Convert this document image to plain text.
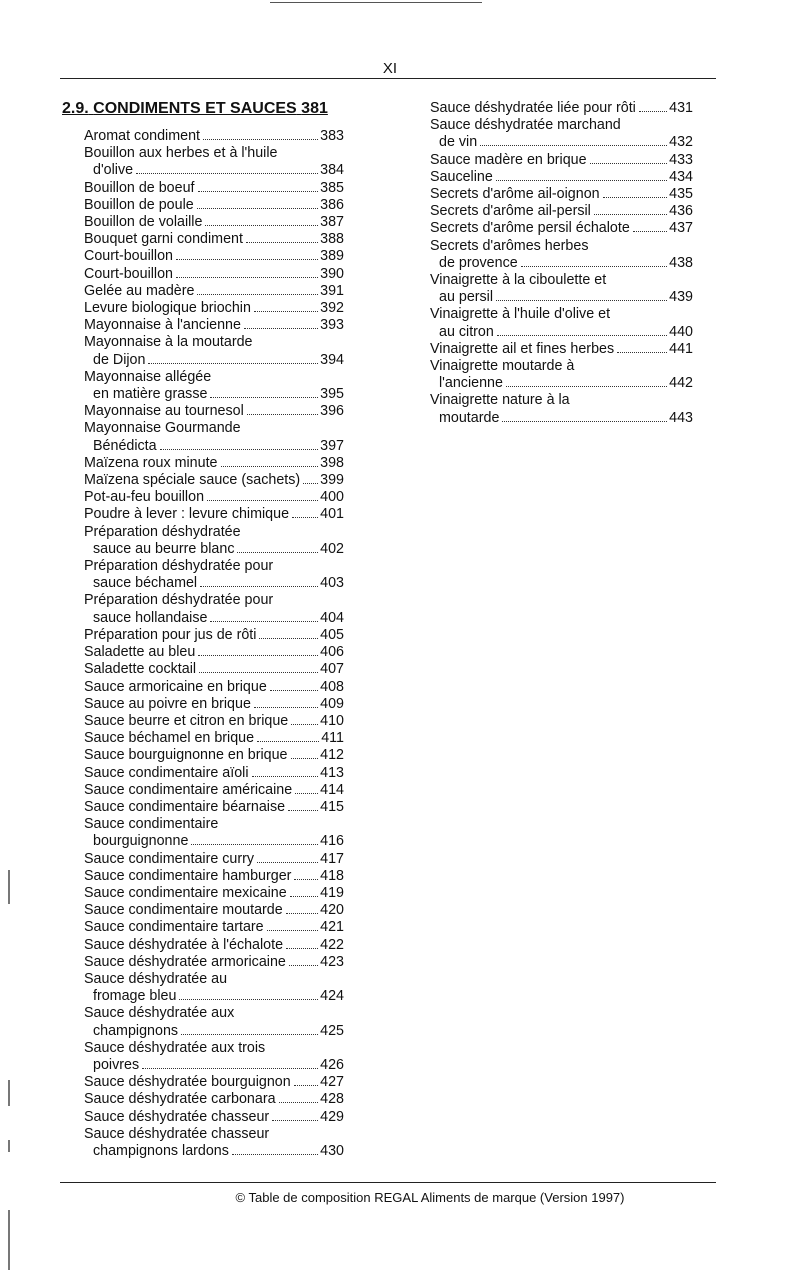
XI
2.9. CONDIMENTS ET SAUCES 381
Aromat condiment	383
Bouillon aux herbes et à l'huile
d'olive	384
Bouillon de boeuf	385
Bouillon de poule	386
Bouillon de volaille	387
Bouquet garni condiment	388
Court-bouillon	389
Court-bouillon	390
Gelée au madère	391
Levure biologique briochin	392
Mayonnaise à l'ancienne	393
Mayonnaise à la moutarde
de Dijon	394
Mayonnaise allégée
en matière grasse	395
Mayonnaise au tournesol	396
Mayonnaise Gourmande
Bénédicta	397
Maïzena roux minute	398
Maïzena spéciale sauce (sachets) 399
Pot-au-feu bouillon	400
Poudre à lever : levure chimique 401
Préparation déshydratée
sauce au beurre blanc	402
Préparation déshydratée pour
sauce béchamel	403
Préparation déshydratée pour
sauce hollandaise	404
Préparation pour jus de rôti	405
Saladette au bleu	406
Saladette cocktail	407
Sauce armoricaine en brique	408
Sauce au poivre en brique	409
Sauce beurre et citron en brique 410
Sauce béchamel en brique	411
Sauce bourguignonne en brique 412
Sauce condimentaire aïoli	413
Sauce condimentaire américaine 414
Sauce condimentaire béarnaise 415
Sauce condimentaire
bourguignonne	416
Sauce condimentaire curry	417
Sauce condimentaire hamburger 418
Sauce condimentaire mexicaine 419
Sauce condimentaire moutarde	420
Sauce condimentaire tartare	421
Sauce déshydratée à l'échalote	422
Sauce déshydratée armoricaine 423
Sauce déshydratée au
fromage bleu	424
Sauce déshydratée aux
champignons	425
Sauce déshydratée aux trois
poivres	426
Sauce déshydratée bourguignon 427
Sauce déshydratée carbonara	428
Sauce déshydratée chasseur	429
Sauce déshydratée chasseur
champignons lardons	430
Sauce déshydratée liée pour rôti 431
Sauce déshydratée marchand
de vin	432
Sauce madère en brique	433
Sauceline	434
Secrets d'arôme ail-oignon	435
Secrets d'arôme ail-persil	436
Secrets d'arôme persil échalote	437
Secrets d'arômes herbes
de provence	438
Vinaigrette à la ciboulette et
au persil	439
Vinaigrette à l'huile d'olive et
au citron	440
Vinaigrette ail et fines herbes	441
Vinaigrette moutarde à
l'ancienne	442
Vinaigrette nature à la
moutarde	443
© Table de composition REGAL Aliments de marque (Version 1997)
